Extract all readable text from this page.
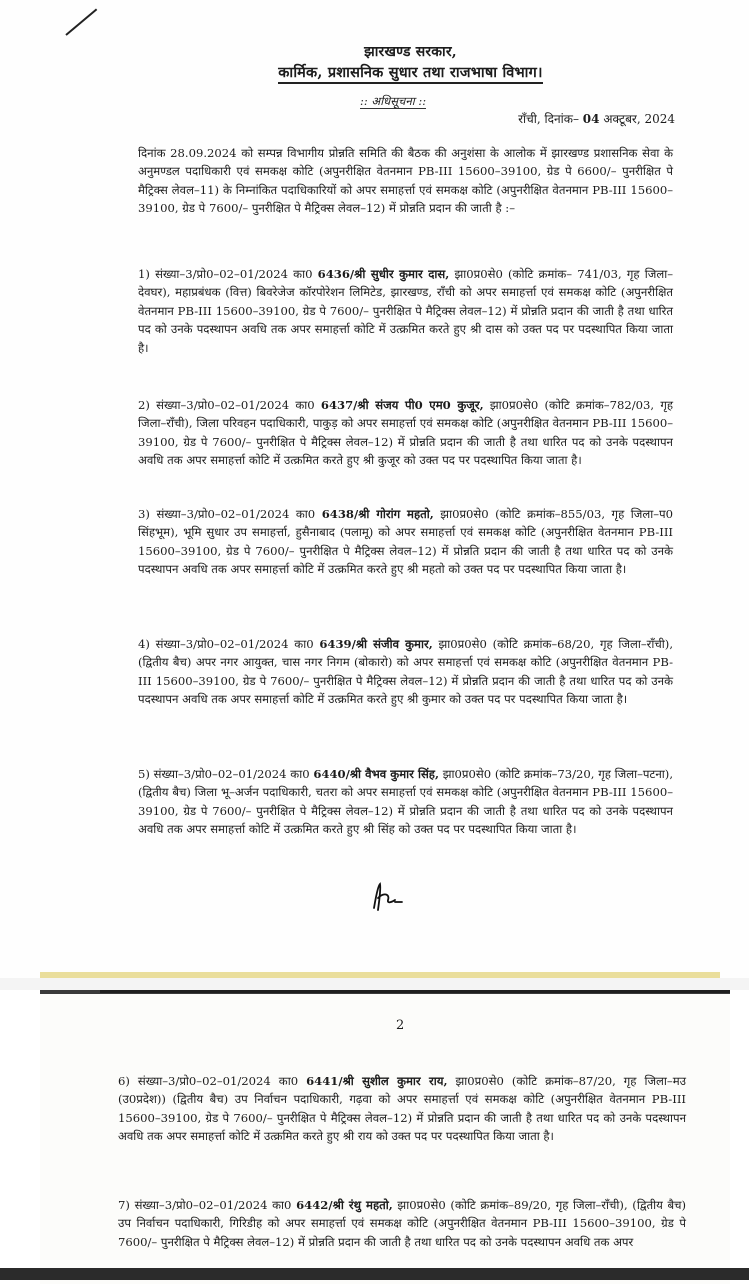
झारखण्ड सरकार,
कार्मिक, प्रशासनिक सुधार तथा राजभाषा विभाग।
:: अधिसूचना ::
राँची, दिनांक– 04 अक्टूबर, 2024
दिनांक 28.09.2024 को सम्पन्न विभागीय प्रोन्नति समिति की बैठक की अनुशंसा के आलोक में झारखण्ड प्रशासनिक सेवा के अनुमण्डल पदाधिकारी एवं समकक्ष कोटि (अपुनरीक्षित वेतनमान PB-III 15600–39100, ग्रेड पे 6600/– पुनरीक्षित पे मैट्रिक्स लेवल–11) के निम्नांकित पदाधिकारियों को अपर समाहर्त्ता एवं समकक्ष कोटि (अपुनरीक्षित वेतनमान PB-III 15600–39100, ग्रेड पे 7600/– पुनरीक्षित पे मैट्रिक्स लेवल–12) में प्रोन्नति प्रदान की जाती है :–
1) संख्या–3/प्रो0–02–01/2024 का0 6436/श्री सुधीर कुमार दास, झा0प्र0से0 (कोटि क्रमांक– 741/03, गृह जिला–देवघर), महाप्रबंधक (वित्त) बिवरेजेज कॉरपोरेशन लिमिटेड, झारखण्ड, राँची को अपर समाहर्त्ता एवं समकक्ष कोटि (अपुनरीक्षित वेतनमान PB-III 15600–39100, ग्रेड पे 7600/– पुनरीक्षित पे मैट्रिक्स लेवल–12) में प्रोन्नति प्रदान की जाती है तथा धारित पद को उनके पदस्थापन अवधि तक अपर समाहर्त्ता कोटि में उत्क्रमित करते हुए श्री दास को उक्त पद पर पदस्थापित किया जाता है।
2) संख्या–3/प्रो0–02–01/2024 का0 6437/श्री संजय पी0 एम0 कुजूर, झा0प्र0से0 (कोटि क्रमांक–782/03, गृह जिला–राँची), जिला परिवहन पदाधिकारी, पाकुड़ को अपर समाहर्त्ता एवं समकक्ष कोटि (अपुनरीक्षित वेतनमान PB-III 15600–39100, ग्रेड पे 7600/– पुनरीक्षित पे मैट्रिक्स लेवल–12) में प्रोन्नति प्रदान की जाती है तथा धारित पद को उनके पदस्थापन अवधि तक अपर समाहर्त्ता कोटि में उत्क्रमित करते हुए श्री कुजूर को उक्त पद पर पदस्थापित किया जाता है।
3) संख्या–3/प्रो0–02–01/2024 का0 6438/श्री गोरांग महतो, झा0प्र0से0 (कोटि क्रमांक–855/03, गृह जिला–प0 सिंहभूम), भूमि सुधार उप समाहर्त्ता, हुसैनाबाद (पलामू) को अपर समाहर्त्ता एवं समकक्ष कोटि (अपुनरीक्षित वेतनमान PB-III 15600–39100, ग्रेड पे 7600/– पुनरीक्षित पे मैट्रिक्स लेवल–12) में प्रोन्नति प्रदान की जाती है तथा धारित पद को उनके पदस्थापन अवधि तक अपर समाहर्त्ता कोटि में उत्क्रमित करते हुए श्री महतो को उक्त पद पर पदस्थापित किया जाता है।
4) संख्या–3/प्रो0–02–01/2024 का0 6439/श्री संजीव कुमार, झा0प्र0से0 (कोटि क्रमांक–68/20, गृह जिला–राँची), (द्वितीय बैच) अपर नगर आयुक्त, चास नगर निगम (बोकारो) को अपर समाहर्त्ता एवं समकक्ष कोटि (अपुनरीक्षित वेतनमान PB-III 15600–39100, ग्रेड पे 7600/– पुनरीक्षित पे मैट्रिक्स लेवल–12) में प्रोन्नति प्रदान की जाती है तथा धारित पद को उनके पदस्थापन अवधि तक अपर समाहर्त्ता कोटि में उत्क्रमित करते हुए श्री कुमार को उक्त पद पर पदस्थापित किया जाता है।
5) संख्या–3/प्रो0–02–01/2024 का0 6440/श्री वैभव कुमार सिंह, झा0प्र0से0 (कोटि क्रमांक–73/20, गृह जिला–पटना), (द्वितीय बैच) जिला भू–अर्जन पदाधिकारी, चतरा को अपर समाहर्त्ता एवं समकक्ष कोटि (अपुनरीक्षित वेतनमान PB-III 15600–39100, ग्रेड पे 7600/– पुनरीक्षित पे मैट्रिक्स लेवल–12) में प्रोन्नति प्रदान की जाती है तथा धारित पद को उनके पदस्थापन अवधि तक अपर समाहर्त्ता कोटि में उत्क्रमित करते हुए श्री सिंह को उक्त पद पर पदस्थापित किया जाता है।
2
6) संख्या–3/प्रो0–02–01/2024 का0 6441/श्री सुशील कुमार राय, झा0प्र0से0 (कोटि क्रमांक–87/20, गृह जिला–मउ (उ0प्रदेश)) (द्वितीय बैच) उप निर्वाचन पदाधिकारी, गढ़वा को अपर समाहर्त्ता एवं समकक्ष कोटि (अपुनरीक्षित वेतनमान PB-III 15600–39100, ग्रेड पे 7600/– पुनरीक्षित पे मैट्रिक्स लेवल–12) में प्रोन्नति प्रदान की जाती है तथा धारित पद को उनके पदस्थापन अवधि तक अपर समाहर्त्ता कोटि में उत्क्रमित करते हुए श्री राय को उक्त पद पर पदस्थापित किया जाता है।
7) संख्या–3/प्रो0–02–01/2024 का0 6442/श्री रंथु महतो, झा0प्र0से0 (कोटि क्रमांक–89/20, गृह जिला–राँची), (द्वितीय बैच) उप निर्वाचन पदाधिकारी, गिरिडीह को अपर समाहर्त्ता एवं समकक्ष कोटि (अपुनरीक्षित वेतनमान PB-III 15600–39100, ग्रेड पे 7600/– पुनरीक्षित पे मैट्रिक्स लेवल–12) में प्रोन्नति प्रदान की जाती है तथा धारित पद को उनके पदस्थापन अवधि तक अपर
